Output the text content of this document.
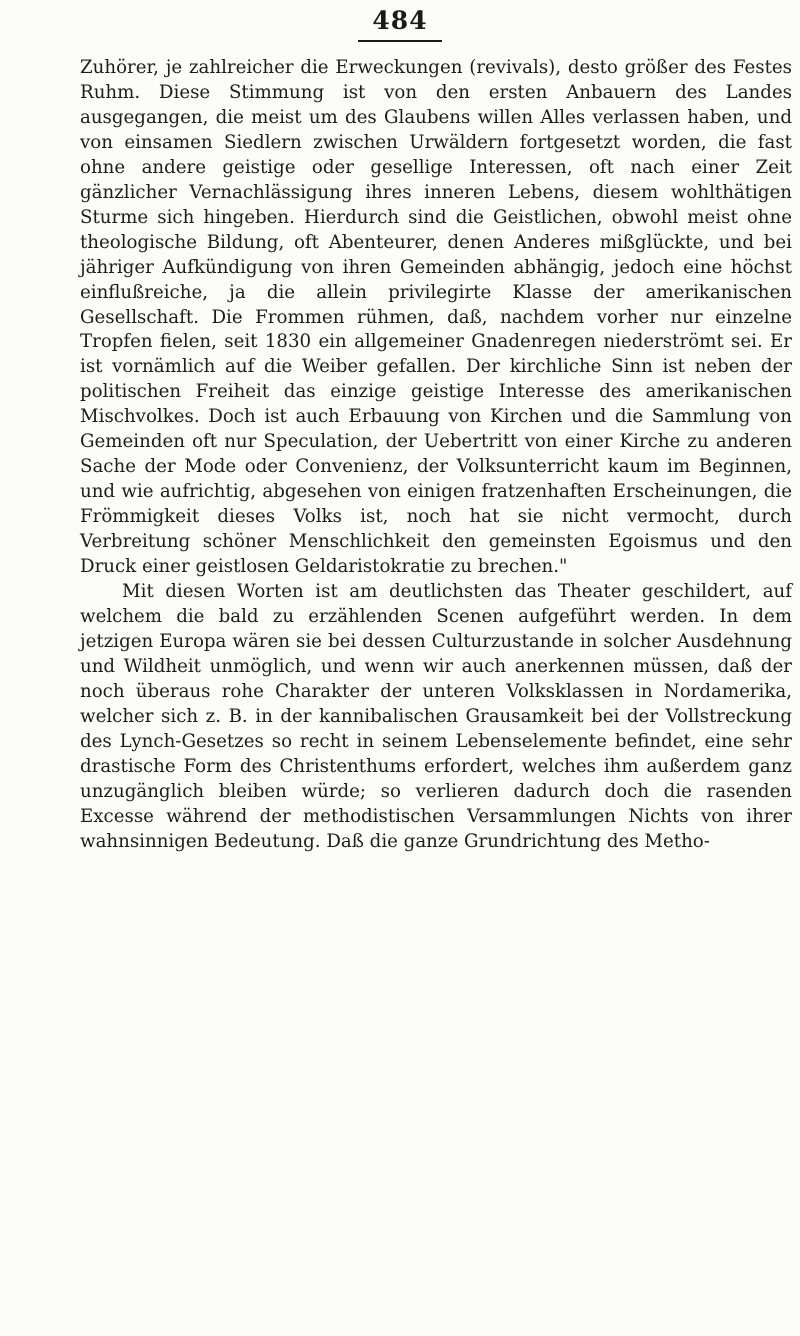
484

Zuhörer, je zahlreicher die Erweckungen (revivals), desto größer des Festes Ruhm. Diese Stimmung ist von den ersten Anbauern des Landes ausgegangen, die meist um des Glaubens willen Alles verlassen haben, und von einsamen Siedlern zwischen Urwäldern fortgesetzt worden, die fast ohne andere geistige oder gesellige Interessen, oft nach einer Zeit gänzlicher Vernachlässigung ihres inneren Lebens, diesem wohlthätigen Sturme sich hingeben. Hierdurch sind die Geistlichen, obwohl meist ohne theologische Bildung, oft Abenteurer, denen Anderes mißglückte, und bei jähriger Aufkündigung von ihren Gemeinden abhängig, jedoch eine höchst einflußreiche, ja die allein privilegirte Klasse der amerikanischen Gesellschaft. Die Frommen rühmen, daß, nachdem vorher nur einzelne Tropfen fielen, seit 1830 ein allgemeiner Gnadenregen niederströmt sei. Er ist vornämlich auf die Weiber gefallen. Der kirchliche Sinn ist neben der politischen Freiheit das einzige geistige Interesse des amerikanischen Mischvolkes. Doch ist auch Erbauung von Kirchen und die Sammlung von Gemeinden oft nur Speculation, der Uebertritt von einer Kirche zu anderen Sache der Mode oder Convenienz, der Volksunterricht kaum im Beginnen, und wie aufrichtig, abgesehen von einigen fratzenhaften Erscheinungen, die Frömmigkeit dieses Volks ist, noch hat sie nicht vermocht, durch Verbreitung schöner Menschlichkeit den gemeinsten Egoismus und den Druck einer geistlosen Geldaristokratie zu brechen."

Mit diesen Worten ist am deutlichsten das Theater geschildert, auf welchem die bald zu erzählenden Scenen aufgeführt werden. In dem jetzigen Europa wären sie bei dessen Culturzustande in solcher Ausdehnung und Wildheit unmöglich, und wenn wir auch anerkennen müssen, daß der noch überaus rohe Charakter der unteren Volksklassen in Nordamerika, welcher sich z. B. in der kannibalischen Grausamkeit bei der Vollstreckung des Lynch-Gesetzes so recht in seinem Lebenselemente befindet, eine sehr drastische Form des Christenthums erfordert, welches ihm außerdem ganz unzugänglich bleiben würde; so verlieren dadurch doch die rasenden Excesse während der methodistischen Versammlungen Nichts von ihrer wahnsinnigen Bedeutung. Daß die ganze Grundrichtung des Metho-
